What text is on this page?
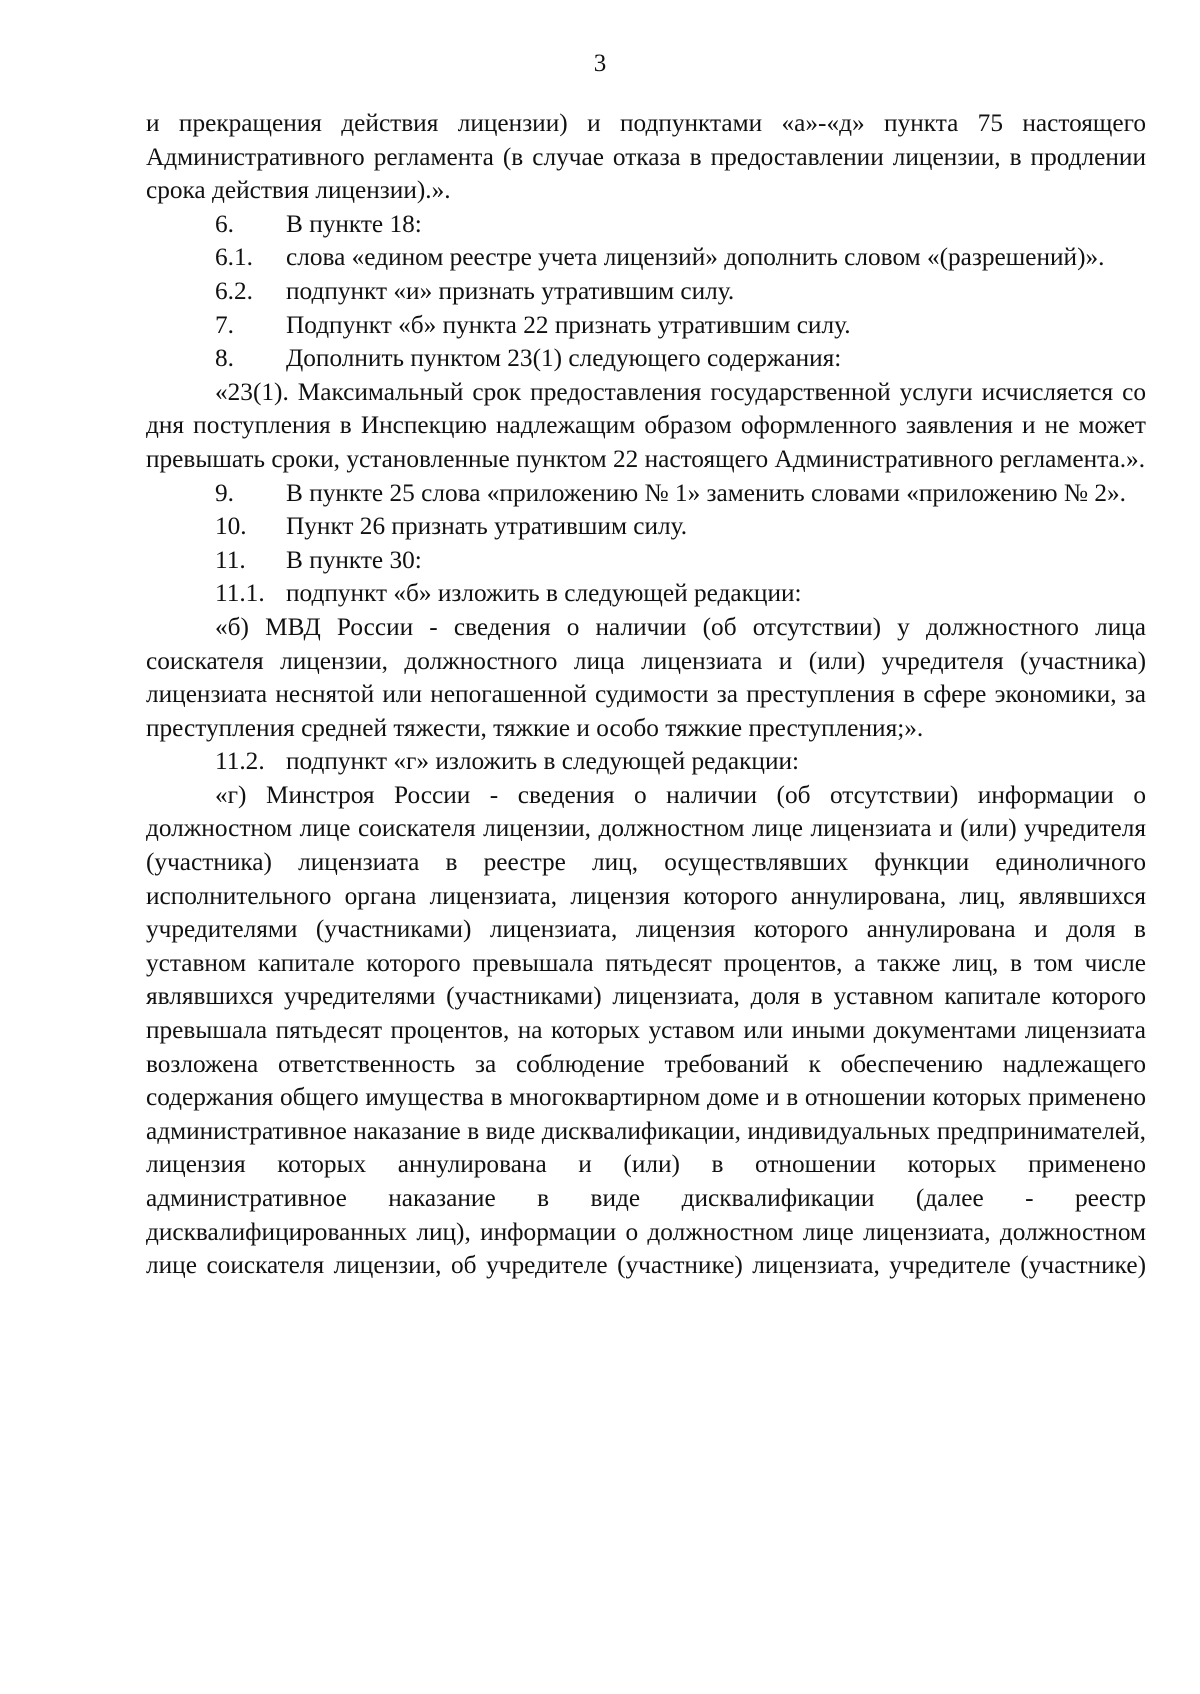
3

и прекращения действия лицензии) и подпунктами «а»-«д» пункта 75 настоящего Административного регламента (в случае отказа в предоставлении лицензии, в продлении срока действия лицензии).».

6. В пункте 18:

6.1. слова «едином реестре учета лицензий» дополнить словом «(разрешений)».

6.2. подпункт «и» признать утратившим силу.

7. Подпункт «б» пункта 22 признать утратившим силу.

8. Дополнить пунктом 23(1) следующего содержания:

«23(1). Максимальный срок предоставления государственной услуги исчисляется со дня поступления в Инспекцию надлежащим образом оформленного заявления и не может превышать сроки, установленные пунктом 22 настоящего Административного регламента.».

9. В пункте 25 слова «приложению № 1» заменить словами «приложению № 2».

10. Пункт 26 признать утратившим силу.

11. В пункте 30:

11.1. подпункт «б» изложить в следующей редакции:

«б) МВД России - сведения о наличии (об отсутствии) у должностного лица соискателя лицензии, должностного лица лицензиата и (или) учредителя (участника) лицензиата неснятой или непогашенной судимости за преступления в сфере экономики, за преступления средней тяжести, тяжкие и особо тяжкие преступления;».

11.2. подпункт «г» изложить в следующей редакции:

«г) Минстроя России - сведения о наличии (об отсутствии) информации о должностном лице соискателя лицензии, должностном лице лицензиата и (или) учредителя (участника) лицензиата в реестре лиц, осуществлявших функции единоличного исполнительного органа лицензиата, лицензия которого аннулирована, лиц, являвшихся учредителями (участниками) лицензиата, лицензия которого аннулирована и доля в уставном капитале которого превышала пятьдесят процентов, а также лиц, в том числе являвшихся учредителями (участниками) лицензиата, доля в уставном капитале которого превышала пятьдесят процентов, на которых уставом или иными документами лицензиата возложена ответственность за соблюдение требований к обеспечению надлежащего содержания общего имущества в многоквартирном доме и в отношении которых применено административное наказание в виде дисквалификации, индивидуальных предпринимателей, лицензия которых аннулирована и (или) в отношении которых применено административное наказание в виде дисквалификации (далее - реестр дисквалифицированных лиц), информации о должностном лице лицензиата, должностном лице соискателя лицензии, об учредителе (участнике) лицензиата, учредителе (участнике)
